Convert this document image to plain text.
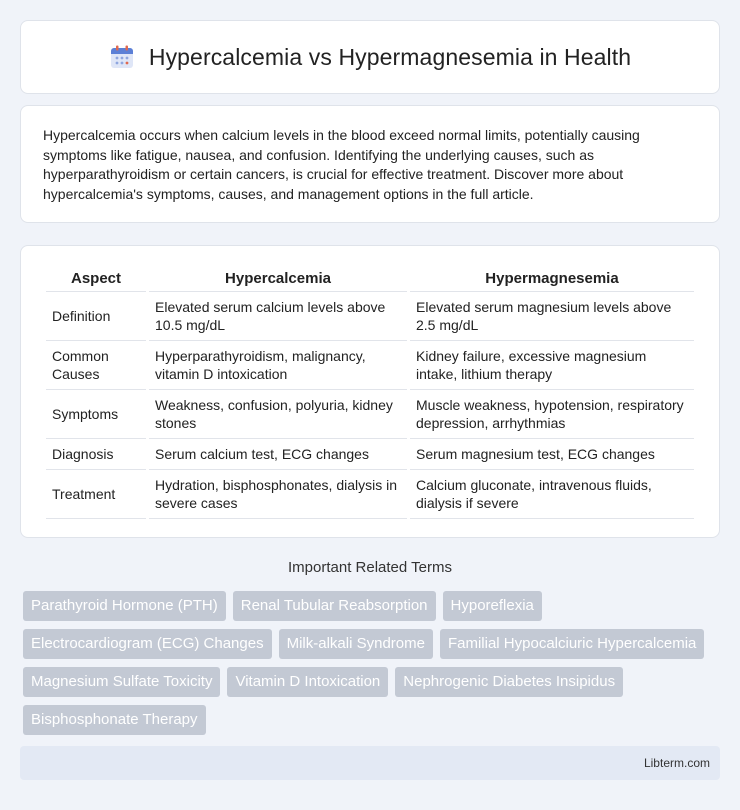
Hypercalcemia vs Hypermagnesemia in Health

Hypercalcemia occurs when calcium levels in the blood exceed normal limits, potentially causing symptoms like fatigue, nausea, and confusion. Identifying the underlying causes, such as hyperparathyroidism or certain cancers, is crucial for effective treatment. Discover more about hypercalcemia's symptoms, causes, and management options in the full article.

Aspect	Hypercalcemia	Hypermagnesemia
Definition	Elevated serum calcium levels above 10.5 mg/dL	Elevated serum magnesium levels above 2.5 mg/dL
Common Causes	Hyperparathyroidism, malignancy, vitamin D intoxication	Kidney failure, excessive magnesium intake, lithium therapy
Symptoms	Weakness, confusion, polyuria, kidney stones	Muscle weakness, hypotension, respiratory depression, arrhythmias
Diagnosis	Serum calcium test, ECG changes	Serum magnesium test, ECG changes
Treatment	Hydration, bisphosphonates, dialysis in severe cases	Calcium gluconate, intravenous fluids, dialysis if severe
Important Related Terms
Parathyroid Hormone (PTH)	Renal Tubular Reabsorption	Hyporeflexia
Electrocardiogram (ECG) Changes	Milk-alkali Syndrome	Familial Hypocalciuric Hypercalcemia
Magnesium Sulfate Toxicity	Vitamin D Intoxication	Nephrogenic Diabetes Insipidus
Bisphosphonate Therapy
Libterm.com
